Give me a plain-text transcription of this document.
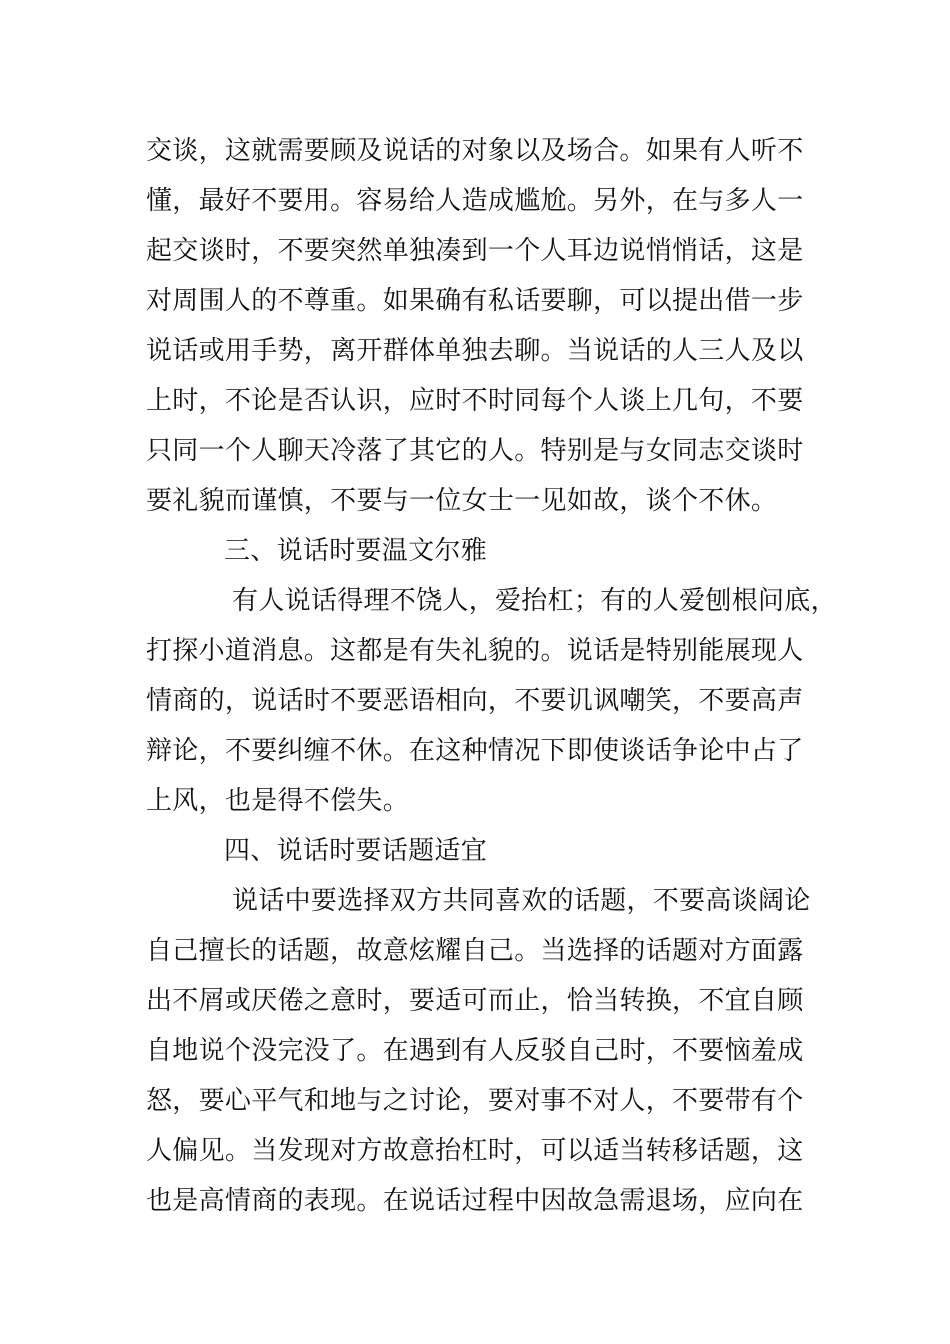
交谈，这就需要顾及说话的对象以及场合。如果有人听不
懂，最好不要用。容易给人造成尴尬。另外，在与多人一
起交谈时，不要突然单独凑到一个人耳边说悄悄话，这是
对周围人的不尊重。如果确有私话要聊，可以提出借一步
说话或用手势，离开群体单独去聊。当说话的人三人及以
上时，不论是否认识，应时不时同每个人谈上几句，不要
只同一个人聊天冷落了其它的人。特别是与女同志交谈时
要礼貌而谨慎，不要与一位女士一见如故，谈个不休。
三、说话时要温文尔雅
有人说话得理不饶人，爱抬杠；有的人爱刨根问底，
打探小道消息。这都是有失礼貌的。说话是特别能展现人
情商的，说话时不要恶语相向，不要讥讽嘲笑，不要高声
辩论，不要纠缠不休。在这种情况下即使谈话争论中占了
上风，也是得不偿失。
四、说话时要话题适宜
说话中要选择双方共同喜欢的话题，不要高谈阔论
自己擅长的话题，故意炫耀自己。当选择的话题对方面露
出不屑或厌倦之意时，要适可而止，恰当转换，不宜自顾
自地说个没完没了。在遇到有人反驳自己时，不要恼羞成
怒，要心平气和地与之讨论，要对事不对人，不要带有个
人偏见。当发现对方故意抬杠时，可以适当转移话题，这
也是高情商的表现。在说话过程中因故急需退场，应向在
